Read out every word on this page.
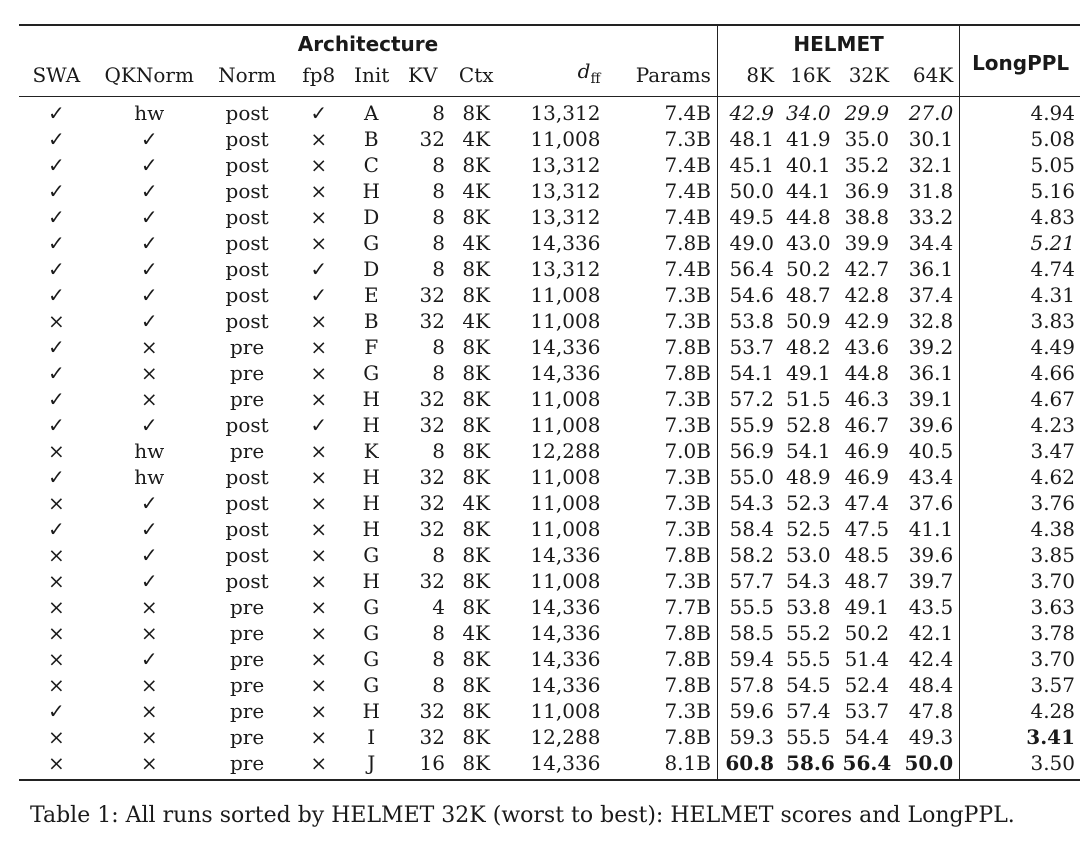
Architecture									HELMET				LongPPL
SWA	QKNorm	Norm	fp8	Init	KV	Ctx	$d_{ff}$	Params	8K	16K	32K	64K	
✓	hw	post	✓	A	8	8K	13,312	7.4B	42.9	34.0	29.9	27.0	4.94
✓	✓	post	×	B	32	4K	11,008	7.3B	48.1	41.9	35.0	30.1	5.08
✓	✓	post	×	C	8	8K	13,312	7.4B	45.1	40.1	35.2	32.1	5.05
✓	✓	post	×	H	8	4K	13,312	7.4B	50.0	44.1	36.9	31.8	5.16
✓	✓	post	×	D	8	8K	13,312	7.4B	49.5	44.8	38.8	33.2	4.83
✓	✓	post	×	G	8	4K	14,336	7.8B	49.0	43.0	39.9	34.4	5.21
✓	✓	post	✓	D	8	8K	13,312	7.4B	56.4	50.2	42.7	36.1	4.74
✓	✓	post	✓	E	32	8K	11,008	7.3B	54.6	48.7	42.8	37.4	4.31
×	✓	post	×	B	32	4K	11,008	7.3B	53.8	50.9	42.9	32.8	3.83
✓	×	pre	×	F	8	8K	14,336	7.8B	53.7	48.2	43.6	39.2	4.49
✓	×	pre	×	G	8	8K	14,336	7.8B	54.1	49.1	44.8	36.1	4.66
✓	×	pre	×	H	32	8K	11,008	7.3B	57.2	51.5	46.3	39.1	4.67
✓	✓	post	✓	H	32	8K	11,008	7.3B	55.9	52.8	46.7	39.6	4.23
×	hw	pre	×	K	8	8K	12,288	7.0B	56.9	54.1	46.9	40.5	3.47
✓	hw	post	×	H	32	8K	11,008	7.3B	55.0	48.9	46.9	43.4	4.62
×	✓	post	×	H	32	4K	11,008	7.3B	54.3	52.3	47.4	37.6	3.76
✓	✓	post	×	H	32	8K	11,008	7.3B	58.4	52.5	47.5	41.1	4.38
×	✓	post	×	G	8	8K	14,336	7.8B	58.2	53.0	48.5	39.6	3.85
×	✓	post	×	H	32	8K	11,008	7.3B	57.7	54.3	48.7	39.7	3.70
×	×	pre	×	G	4	8K	14,336	7.7B	55.5	53.8	49.1	43.5	3.63
×	×	pre	×	G	8	4K	14,336	7.8B	58.5	55.2	50.2	42.1	3.78
×	✓	pre	×	G	8	8K	14,336	7.8B	59.4	55.5	51.4	42.4	3.70
×	×	pre	×	G	8	8K	14,336	7.8B	57.8	54.5	52.4	48.4	3.57
✓	×	pre	×	H	32	8K	11,008	7.3B	59.6	57.4	53.7	47.8	4.28
×	×	pre	×	I	32	8K	12,288	7.8B	59.3	55.5	54.4	49.3	3.41
×	×	pre	×	J	16	8K	14,336	8.1B	60.8	58.6	56.4	50.0	3.50
Table 1: All runs sorted by HELMET 32K (worst to best): HELMET scores and LongPPL.
